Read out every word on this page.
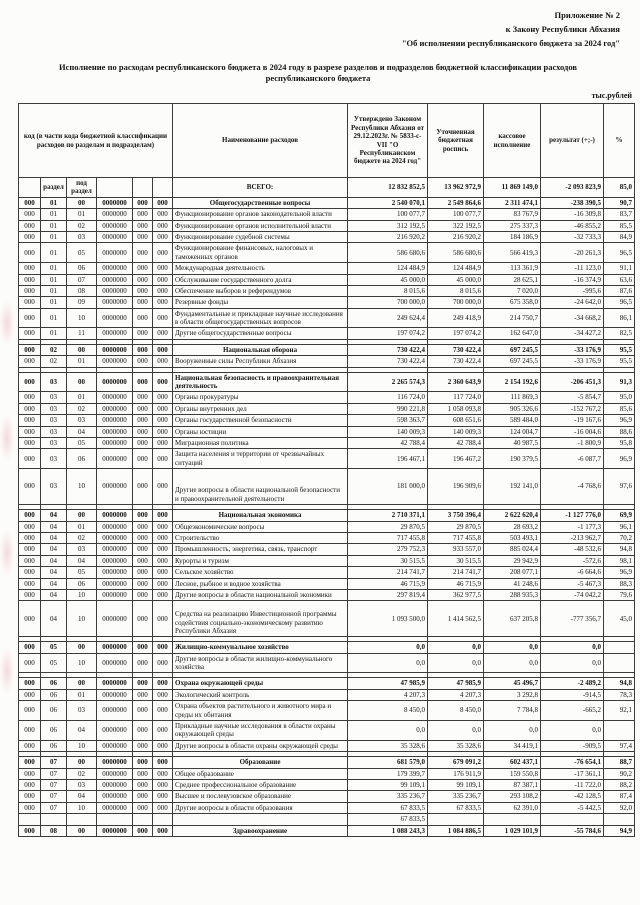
Приложение № 2
к Закону Республики Абхазия
"Об исполнении республиканского бюджета за 2024 год"
Исполнение по расходам республиканского бюджета в 2024 году в разрезе разделов и подразделов бюджетной классификации расходов республиканского бюджета
тыс.рублей
код (в части кода бюджетной классификации расходов по разделам и подразделам)						Наименование расходов	Утверждено Законом Республики Абхазия от 29.12.2023г. № 5833-с-VII "О Республиканском бюджете на 2024 год"	Уточненная бюджетная роспись	кассовое исполнение	результат (+;-)	%
	раздел	под раздел				ВСЕГО:	12 832 852,5	13 962 972,9	11 869 149,0	-2 093 823,9	85,0
000	01	00	0000000	000	000	Общегосударственные вопросы	2 540 070,1	2 549 864,6	2 311 474,1	-238 390,5	90,7
000	01	01	0000000	000	000	Функционирование органов законодательной власти	100 077,7	100 077,7	83 767,9	-16 309,8	83,7
000	01	02	0000000	000	000	Функционирование органов исполнительной власти	312 192,5	322 192,5	275 337,3	-46 855,2	85,5
000	01	03	0000000	000	000	Функционирование судебной системы	216 920,2	216 920,2	184 186,9	-32 733,3	84,9
000	01	05	0000000	000	000	Функционирование финансовых, налоговых и таможенных органов	586 680,6	586 680,6	566 419,3	-20 261,3	96,5
000	01	06	0000000	000	000	Международная деятельность	124 484,9	124 484,9	113 361,9	-11 123,0	91,1
000	01	07	0000000	000	000	Обслуживание государственного долга	45 000,0	45 000,0	28 625,1	-16 374,9	63,6
000	01	08	0000000	000	000	Обеспечение выборов и референдумов	8 015,6	8 015,6	7 020,0	-995,6	87,6
000	01	09	0000000	000	000	Резервные фонды	700 000,0	700 000,0	675 358,0	-24 642,0	96,5
000	01	10	0000000	000	000	Фундаментальные и прикладные научные исследования в области общегосударственных вопросов	249 624,4	249 418,9	214 750,7	-34 668,2	86,1
000	01	11	0000000	000	000	Другие общегосударственные вопросы	197 074,2	197 074,2	162 647,0	-34 427,2	82,5

000	02	00	0000000	000	000	Национальная оборона	730 422,4	730 422,4	697 245,5	-33 176,9	95,5
000	02	01	0000000	000	000	Вооруженные силы Республики Абхазия	730 422,4	730 422,4	697 245,5	-33 176,9	95,5

000	03	00	0000000	000	000	Национальная безопасность и правоохранительная деятельность	2 265 574,3	2 360 643,9	2 154 192,6	-206 451,3	91,3
000	03	01	0000000	000	000	Органы прокуратуры	116 724,0	117 724,0	111 869,3	-5 854,7	95,0
000	03	02	0000000	000	000	Органы внутренних дел	990 221,8	1 058 093,8	905 326,6	-152 767,2	85,6
000	03	03	0000000	000	000	Органы государственной безопасности	598 363,7	608 651,6	589 484,0	-19 167,6	96,9
000	03	04	0000000	000	000	Органы юстиции	140 009,3	140 009,3	124 004,7	-16 004,6	88,6
000	03	05	0000000	000	000	Миграционная политика	42 788,4	42 788,4	40 987,5	-1 800,9	95,8
000	03	06	0000000	000	000	Защита населения и территории от чрезвычайных ситуаций	196 467,1	196 467,2	190 379,5	-6 087,7	96,9
000	03	10	0000000	000	000	Другие вопросы в области национальной безопасности и правоохранительной деятельности	181 000,0	196 909,6	192 141,0	-4 768,6	97,6

000	04	00	0000000	000	000	Национальная экономика	2 710 371,1	3 750 396,4	2 622 620,4	-1 127 776,0	69,9
000	04	01	0000000	000	000	Общеэкономические вопросы	29 870,5	29 870,5	28 693,2	-1 177,3	96,1
000	04	02	0000000	000	000	Строительство	717 455,8	717 455,8	503 493,1	-213 962,7	70,2
000	04	03	0000000	000	000	Промышленность, энергетика, связь, транспорт	279 752,3	933 557,0	885 024,4	-48 532,6	94,8
000	04	04	0000000	000	000	Курорты и туризм	30 515,5	30 515,5	29 942,9	-572,6	98,1
000	04	05	0000000	000	000	Сельское хозяйство	214 741,7	214 741,7	208 077,1	-6 664,6	96,9
000	04	06	0000000	000	000	Лесное, рыбное и водное хозяйства	46 715,9	46 715,9	41 248,6	-5 467,3	88,3
000	04	10	0000000	000	000	Другие вопросы в области национальной экономики	297 819,4	362 977,5	288 935,3	-74 042,2	79,6
000	04	10	0000000	000	000	Средства на реализацию Инвестиционной программы содействия социально-экономическому развитию Республики Абхазия	1 093 500,0	1 414 562,5	637 205,8	-777 356,7	45,0

000	05	00	0000000	000	000	Жилищно-коммунальное хозяйство	0,0	0,0	0,0	0,0	
000	05	10	0000000	000	000	Другие вопросы в области жилищно-коммунального хозяйства	0,0	0,0	0,0	0,0	

000	06	00	0000000	000	000	Охрана окружающей среды	47 985,9	47 985,9	45 496,7	-2 489,2	94,8
000	06	01	0000000	000	000	Экологический контроль	4 207,3	4 207,3	3 292,8	-914,5	78,3
000	06	03	0000000	000	000	Охрана объектов растительного и животного мира и среды их обитания	8 450,0	8 450,0	7 784,8	-665,2	92,1
000	06	04	0000000	000	000	Прикладные научные исследования в области охраны окружающей среды	0,0	0,0	0,0	0,0	
000	06	10	0000000	000	000	Другие вопросы в области охраны окружающей среды	35 328,6	35 328,6	34 419,1	-909,5	97,4

000	07	00	0000000	000	000	Образование	681 579,0	679 091,2	602 437,1	-76 654,1	88,7
000	07	02	0000000	000	000	Общее образование	179 399,7	176 911,9	159 550,8	-17 361,1	90,2
000	07	03	0000000	000	000	Среднее профессиональное образование	99 109,1	99 109,1	87 387,1	-11 722,0	88,2
000	07	04	0000000	000	000	Высшее и послевузовское образование	335 236,7	335 236,7	293 108,2	-42 128,5	87,4
000	07	10	0000000	000	000	Другие вопросы в области образования	67 833,5	67 833,5	62 391,0	-5 442,5	92,0
							67 833,5				
000	08	00	0000000	000	000	Здравоохранение	1 088 243,3	1 084 886,5	1 029 101,9	-55 784,6	94,9
